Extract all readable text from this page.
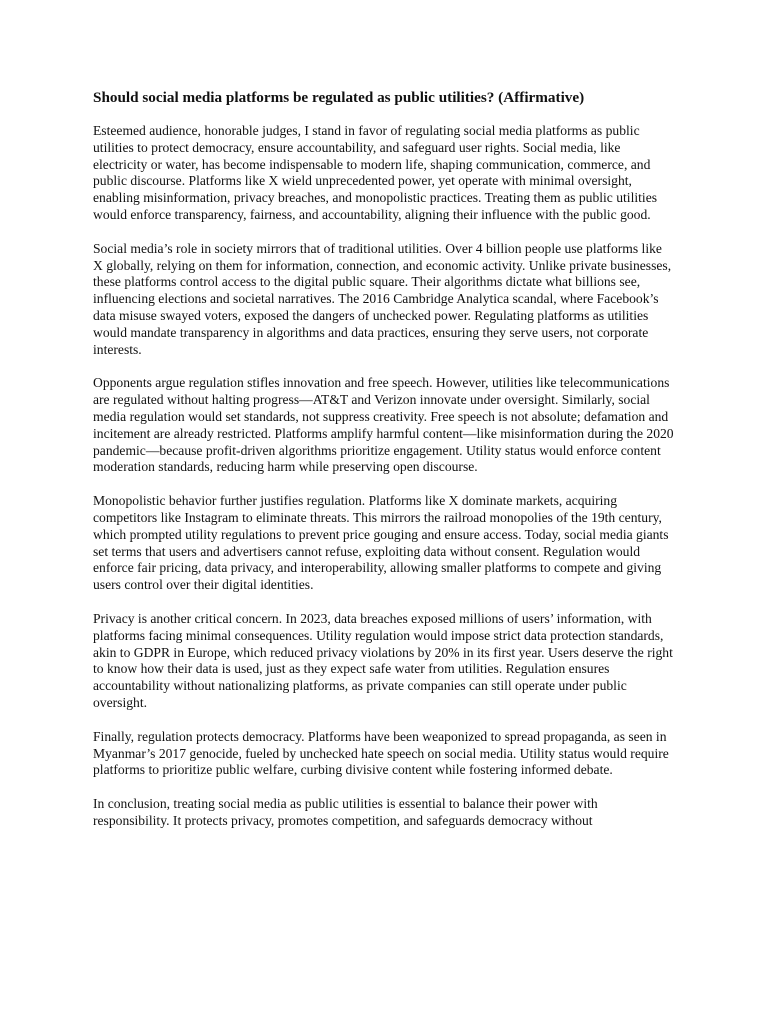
Should social media platforms be regulated as public utilities? (Affirmative)

Esteemed audience, honorable judges, I stand in favor of regulating social media platforms as public utilities to protect democracy, ensure accountability, and safeguard user rights. Social media, like electricity or water, has become indispensable to modern life, shaping communication, commerce, and public discourse. Platforms like X wield unprecedented power, yet operate with minimal oversight, enabling misinformation, privacy breaches, and monopolistic practices. Treating them as public utilities would enforce transparency, fairness, and accountability, aligning their influence with the public good.

Social media’s role in society mirrors that of traditional utilities. Over 4 billion people use platforms like X globally, relying on them for information, connection, and economic activity. Unlike private businesses, these platforms control access to the digital public square. Their algorithms dictate what billions see, influencing elections and societal narratives. The 2016 Cambridge Analytica scandal, where Facebook’s data misuse swayed voters, exposed the dangers of unchecked power. Regulating platforms as utilities would mandate transparency in algorithms and data practices, ensuring they serve users, not corporate interests.

Opponents argue regulation stifles innovation and free speech. However, utilities like telecommunications are regulated without halting progress—AT&T and Verizon innovate under oversight. Similarly, social media regulation would set standards, not suppress creativity. Free speech is not absolute; defamation and incitement are already restricted. Platforms amplify harmful content—like misinformation during the 2020 pandemic—because profit-driven algorithms prioritize engagement. Utility status would enforce content moderation standards, reducing harm while preserving open discourse.

Monopolistic behavior further justifies regulation. Platforms like X dominate markets, acquiring competitors like Instagram to eliminate threats. This mirrors the railroad monopolies of the 19th century, which prompted utility regulations to prevent price gouging and ensure access. Today, social media giants set terms that users and advertisers cannot refuse, exploiting data without consent. Regulation would enforce fair pricing, data privacy, and interoperability, allowing smaller platforms to compete and giving users control over their digital identities.

Privacy is another critical concern. In 2023, data breaches exposed millions of users’ information, with platforms facing minimal consequences. Utility regulation would impose strict data protection standards, akin to GDPR in Europe, which reduced privacy violations by 20% in its first year. Users deserve the right to know how their data is used, just as they expect safe water from utilities. Regulation ensures accountability without nationalizing platforms, as private companies can still operate under public oversight.

Finally, regulation protects democracy. Platforms have been weaponized to spread propaganda, as seen in Myanmar’s 2017 genocide, fueled by unchecked hate speech on social media. Utility status would require platforms to prioritize public welfare, curbing divisive content while fostering informed debate.

In conclusion, treating social media as public utilities is essential to balance their power with responsibility. It protects privacy, promotes competition, and safeguards democracy without
